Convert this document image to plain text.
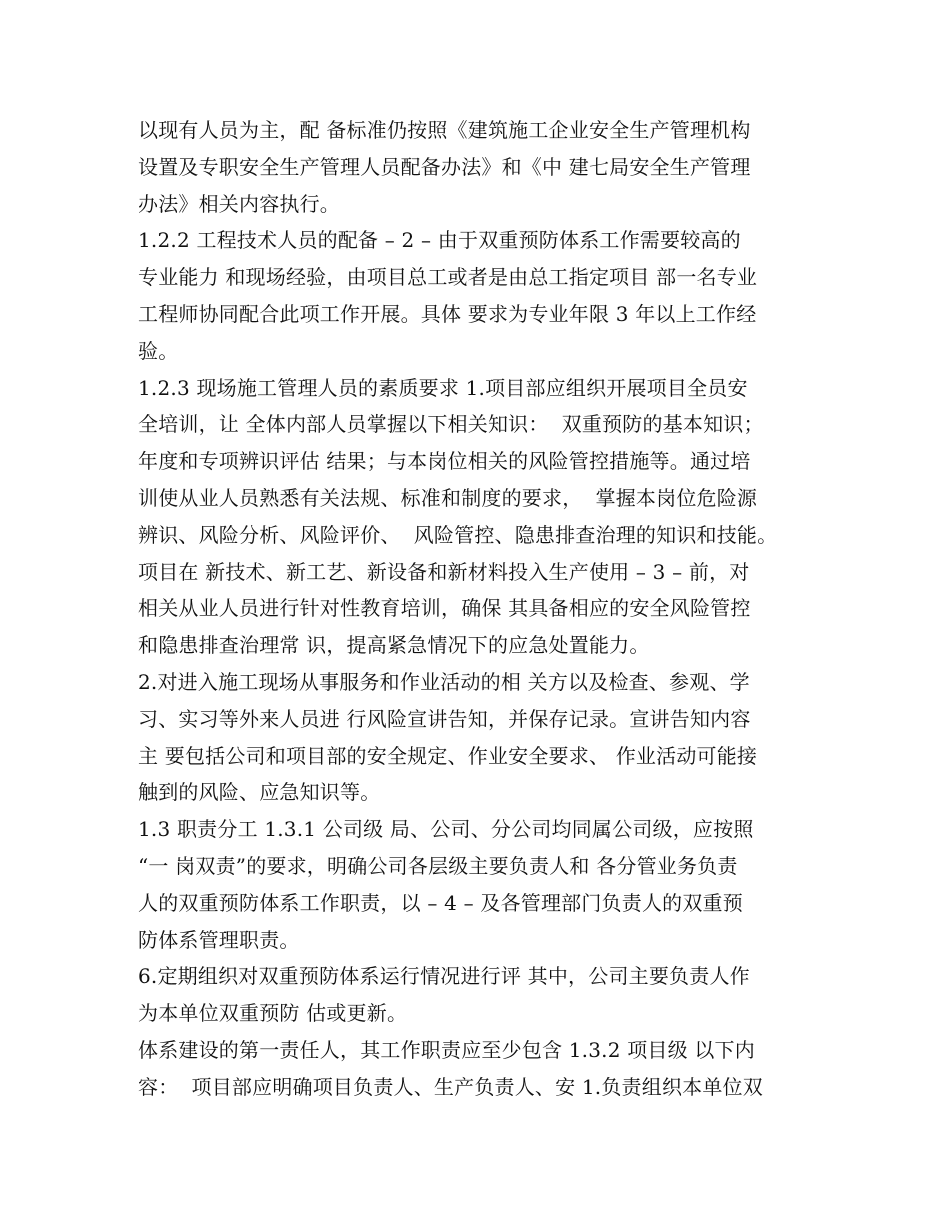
以现有人员为主，配 备标准仍按照《建筑施工企业安全生产管理机构
设置及专职安全生产管理人员配备办法》和《中 建七局安全生产管理
办法》相关内容执行。
1.2.2 工程技术人员的配备 – 2 – 由于双重预防体系工作需要较高的
专业能力 和现场经验，由项目总工或者是由总工指定项目 部一名专业
工程师协同配合此项工作开展。具体 要求为专业年限 3 年以上工作经
验。
1.2.3 现场施工管理人员的素质要求 1.项目部应组织开展项目全员安
全培训，让 全体内部人员掌握以下相关知识：  双重预防的基本知识；
年度和专项辨识评估 结果；与本岗位相关的风险管控措施等。通过培
训使从业人员熟悉有关法规、标准和制度的要求，  掌握本岗位危险源
辨识、风险分析、风险评价、  风险管控、隐患排查治理的知识和技能。
项目在 新技术、新工艺、新设备和新材料投入生产使用 – 3 – 前，对
相关从业人员进行针对性教育培训，确保 其具备相应的安全风险管控
和隐患排查治理常 识，提高紧急情况下的应急处置能力。
2.对进入施工现场从事服务和作业活动的相 关方以及检查、参观、学
习、实习等外来人员进 行风险宣讲告知，并保存记录。宣讲告知内容
主 要包括公司和项目部的安全规定、作业安全要求、 作业活动可能接
触到的风险、应急知识等。
1.3 职责分工 1.3.1 公司级 局、公司、分公司均同属公司级，应按照
“一 岗双责”的要求，明确公司各层级主要负责人和 各分管业务负责
人的双重预防体系工作职责，以 – 4 – 及各管理部门负责人的双重预
防体系管理职责。
6.定期组织对双重预防体系运行情况进行评 其中，公司主要负责人作
为本单位双重预防 估或更新。
体系建设的第一责任人，其工作职责应至少包含 1.3.2 项目级 以下内
容：  项目部应明确项目负责人、生产负责人、安 1.负责组织本单位双
